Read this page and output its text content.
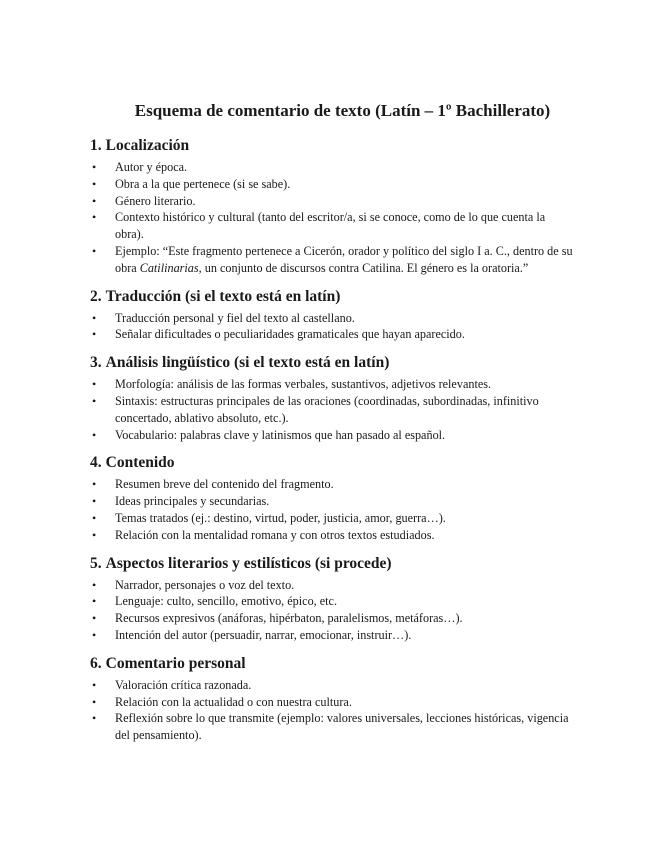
Esquema de comentario de texto (Latín – 1º Bachillerato)
1. Localización
• Autor y época.
• Obra a la que pertenece (si se sabe).
• Género literario.
• Contexto histórico y cultural (tanto del escritor/a, si se conoce, como de lo que cuenta la obra).
• Ejemplo: “Este fragmento pertenece a Cicerón, orador y político del siglo I a. C., dentro de su obra Catilinarias, un conjunto de discursos contra Catilina. El género es la oratoria.”
2. Traducción (si el texto está en latín)
• Traducción personal y fiel del texto al castellano.
• Señalar dificultades o peculiaridades gramaticales que hayan aparecido.
3. Análisis lingüístico (si el texto está en latín)
• Morfología: análisis de las formas verbales, sustantivos, adjetivos relevantes.
• Sintaxis: estructuras principales de las oraciones (coordinadas, subordinadas, infinitivo concertado, ablativo absoluto, etc.).
• Vocabulario: palabras clave y latinismos que han pasado al español.
4. Contenido
• Resumen breve del contenido del fragmento.
• Ideas principales y secundarias.
• Temas tratados (ej.: destino, virtud, poder, justicia, amor, guerra…).
• Relación con la mentalidad romana y con otros textos estudiados.
5. Aspectos literarios y estilísticos (si procede)
• Narrador, personajes o voz del texto.
• Lenguaje: culto, sencillo, emotivo, épico, etc.
• Recursos expresivos (anáforas, hipérbaton, paralelismos, metáforas…).
• Intención del autor (persuadir, narrar, emocionar, instruir…).
6. Comentario personal
• Valoración crítica razonada.
• Relación con la actualidad o con nuestra cultura.
• Reflexión sobre lo que transmite (ejemplo: valores universales, lecciones históricas, vigencia del pensamiento).
